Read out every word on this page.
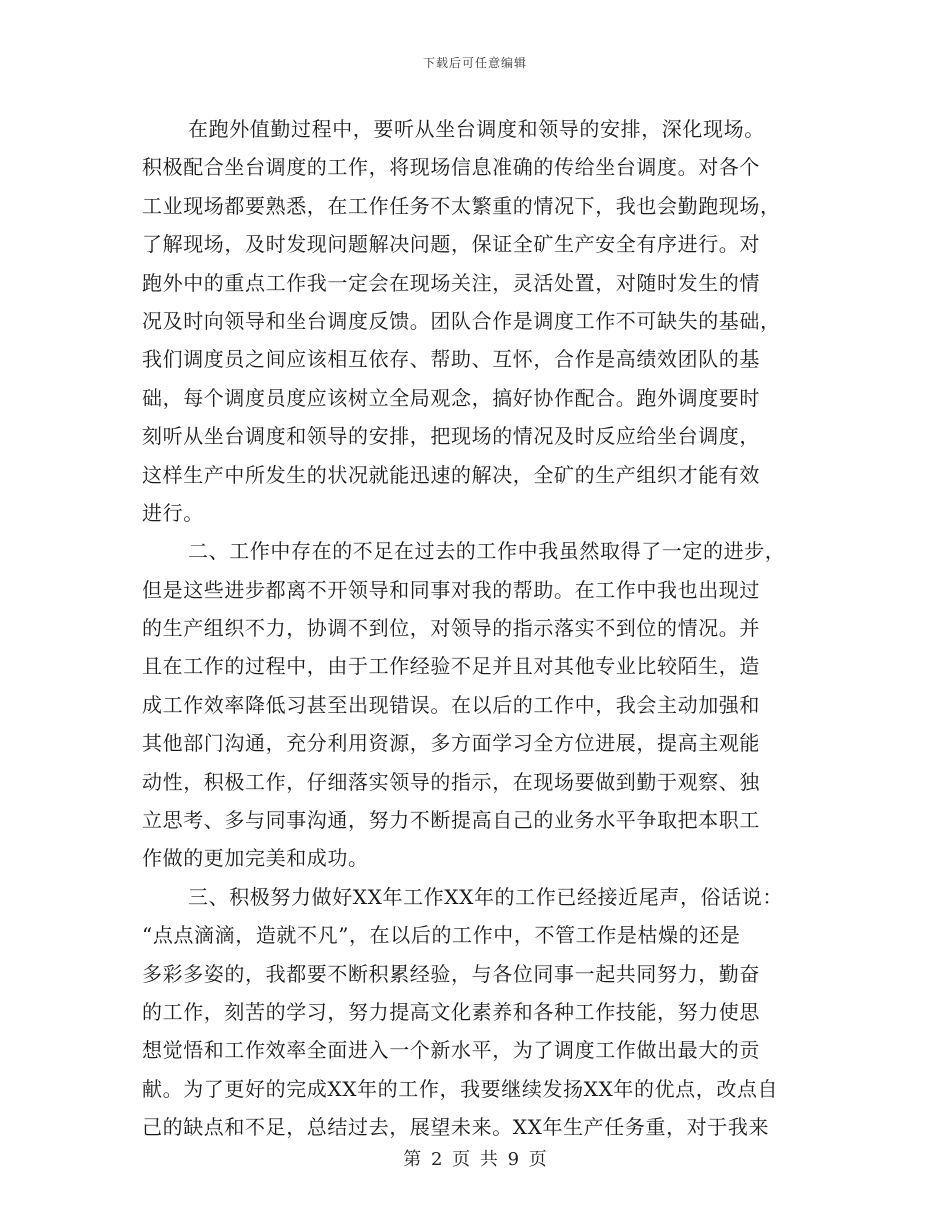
下载后可任意编辑
在跑外值勤过程中，要听从坐台调度和领导的安排，深化现场。
积极配合坐台调度的工作，将现场信息准确的传给坐台调度。对各个
工业现场都要熟悉，在工作任务不太繁重的情况下，我也会勤跑现场，
了解现场，及时发现问题解决问题，保证全矿生产安全有序进行。对
跑外中的重点工作我一定会在现场关注，灵活处置，对随时发生的情
况及时向领导和坐台调度反馈。团队合作是调度工作不可缺失的基础，
我们调度员之间应该相互依存、帮助、互怀，合作是高绩效团队的基
础，每个调度员度应该树立全局观念，搞好协作配合。跑外调度要时
刻听从坐台调度和领导的安排，把现场的情况及时反应给坐台调度，
这样生产中所发生的状况就能迅速的解决，全矿的生产组织才能有效
进行。
二、工作中存在的不足在过去的工作中我虽然取得了一定的进步，
但是这些进步都离不开领导和同事对我的帮助。在工作中我也出现过
的生产组织不力，协调不到位，对领导的指示落实不到位的情况。并
且在工作的过程中，由于工作经验不足并且对其他专业比较陌生，造
成工作效率降低习甚至出现错误。在以后的工作中，我会主动加强和
其他部门沟通，充分利用资源，多方面学习全方位进展，提高主观能
动性，积极工作，仔细落实领导的指示，在现场要做到勤于观察、独
立思考、多与同事沟通，努力不断提高自己的业务水平争取把本职工
作做的更加完美和成功。
三、积极努力做好XX年工作XX年的工作已经接近尾声，俗话说：
“点点滴滴，造就不凡”，在以后的工作中，不管工作是枯燥的还是
多彩多姿的，我都要不断积累经验，与各位同事一起共同努力，勤奋
的工作，刻苦的学习，努力提高文化素养和各种工作技能，努力使思
想觉悟和工作效率全面进入一个新水平，为了调度工作做出最大的贡
献。为了更好的完成XX年的工作，我要继续发扬XX年的优点，改点自
己的缺点和不足，总结过去，展望未来。XX年生产任务重，对于我来
第 2 页 共 9 页
